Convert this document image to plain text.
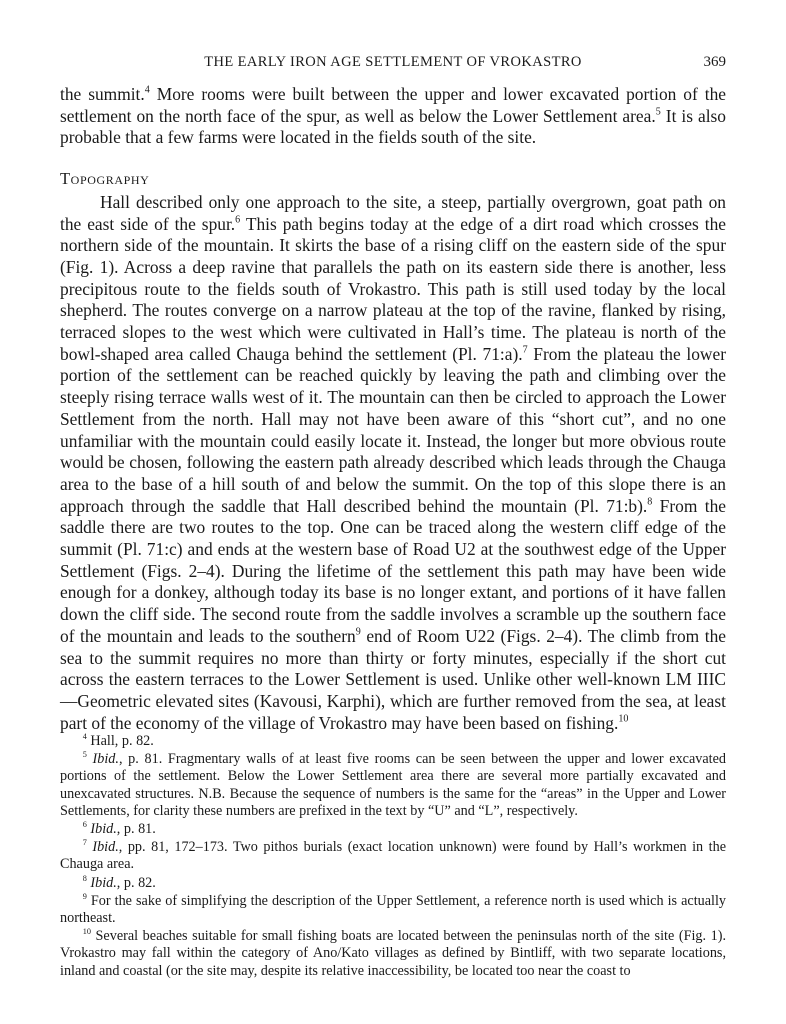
THE EARLY IRON AGE SETTLEMENT OF VROKASTRO	369

the summit.$^4$ More rooms were built between the upper and lower excavated portion of the settlement on the north face of the spur, as well as below the Lower Settlement area.$^5$ It is also probable that a few farms were located in the fields south of the site.

Topography

Hall described only one approach to the site, a steep, partially overgrown, goat path on the east side of the spur.$^6$ This path begins today at the edge of a dirt road which crosses the northern side of the mountain. It skirts the base of a rising cliff on the eastern side of the spur (Fig. 1). Across a deep ravine that parallels the path on its eastern side there is another, less precipitous route to the fields south of Vrokastro. This path is still used today by the local shepherd. The routes converge on a narrow plateau at the top of the ravine, flanked by rising, terraced slopes to the west which were cultivated in Hall’s time. The plateau is north of the bowl-shaped area called Chauga behind the settlement (Pl. 71:a).$^7$ From the plateau the lower portion of the settlement can be reached quickly by leaving the path and climbing over the steeply rising terrace walls west of it. The mountain can then be circled to approach the Lower Settlement from the north. Hall may not have been aware of this “short cut”, and no one unfamiliar with the mountain could easily locate it. Instead, the longer but more obvious route would be chosen, following the eastern path already described which leads through the Chauga area to the base of a hill south of and below the summit. On the top of this slope there is an approach through the saddle that Hall described behind the mountain (Pl. 71:b).$^8$ From the saddle there are two routes to the top. One can be traced along the western cliff edge of the summit (Pl. 71:c) and ends at the western base of Road U2 at the southwest edge of the Upper Settlement (Figs. 2–4). During the lifetime of the settlement this path may have been wide enough for a donkey, although today its base is no longer extant, and portions of it have fallen down the cliff side. The second route from the saddle involves a scramble up the southern face of the mountain and leads to the southern$^9$ end of Room U22 (Figs. 2–4). The climb from the sea to the summit requires no more than thirty or forty minutes, especially if the short cut across the eastern terraces to the Lower Settlement is used. Unlike other well-known LM IIIC—Geometric elevated sites (Kavousi, Karphi), which are further removed from the sea, at least part of the economy of the village of Vrokastro may have been based on fishing.$^{10}$

$^4$ Hall, p. 82.

$^5$ Ibid., p. 81. Fragmentary walls of at least five rooms can be seen between the upper and lower excavated portions of the settlement. Below the Lower Settlement area there are several more partially excavated and unexcavated structures. N.B. Because the sequence of numbers is the same for the “areas” in the Upper and Lower Settlements, for clarity these numbers are prefixed in the text by “U” and “L”, respectively.

$^6$ Ibid., p. 81.

$^7$ Ibid., pp. 81, 172–173. Two pithos burials (exact location unknown) were found by Hall’s workmen in the Chauga area.

$^8$ Ibid., p. 82.

$^9$ For the sake of simplifying the description of the Upper Settlement, a reference north is used which is actually northeast.

$^{10}$ Several beaches suitable for small fishing boats are located between the peninsulas north of the site (Fig. 1). Vrokastro may fall within the category of Ano/Kato villages as defined by Bintliff, with two separate locations, inland and coastal (or the site may, despite its relative inaccessibility, be located too near the coast to
